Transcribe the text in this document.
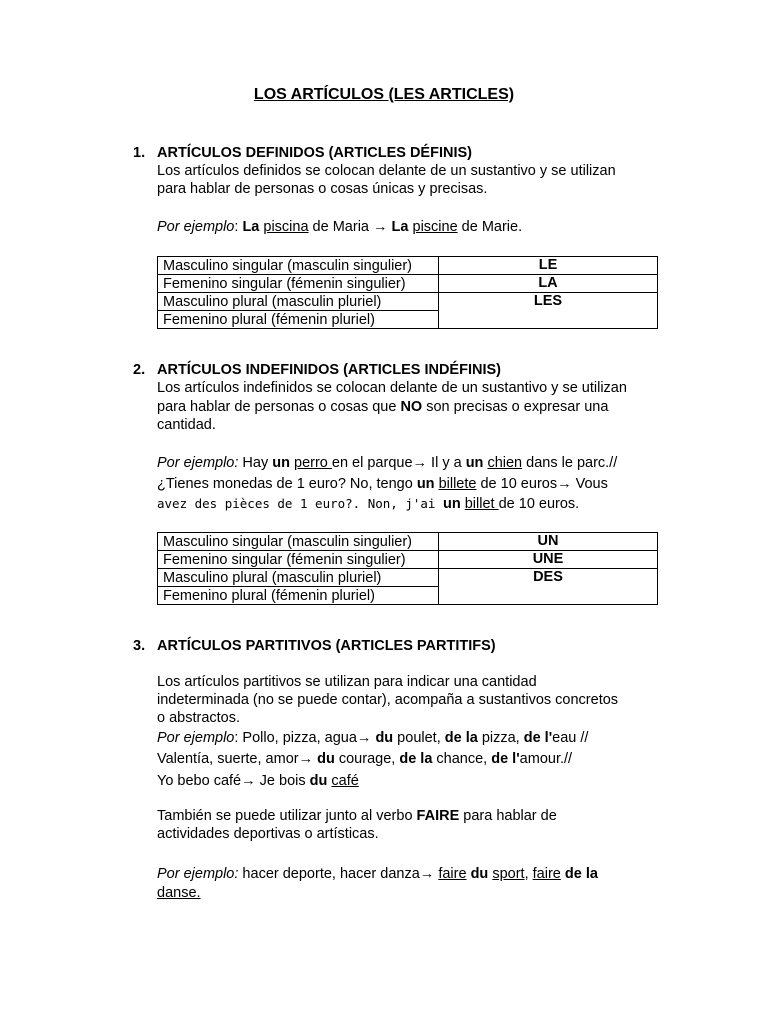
LOS ARTÍCULOS (LES ARTICLES)
1. ARTÍCULOS DEFINIDOS (ARTICLES DÉFINIS)
Los artículos definidos se colocan delante de un sustantivo y se utilizan
para hablar de personas o cosas únicas y precisas.
Por ejemplo: La piscina de Maria → La piscine de Marie.
Masculino singular (masculin singulier)	LE
Femenino singular (fémenin singulier)	LA
Masculino plural (masculin pluriel)	LES
Femenino plural (fémenin pluriel)	
2. ARTÍCULOS INDEFINIDOS (ARTICLES INDÉFINIS)
Los artículos indefinidos se colocan delante de un sustantivo y se utilizan
para hablar de personas o cosas que NO son precisas o expresar una
cantidad.
Por ejemplo: Hay un perro en el parque→ Il y a un chien dans le parc.//
¿Tienes monedas de 1 euro? No, tengo un billete de 10 euros→ Vous
avez des pièces de 1 euro?. Non, j'ai un billet de 10 euros.
Masculino singular (masculin singulier)	UN
Femenino singular (fémenin singulier)	UNE
Masculino plural (masculin pluriel)	DES
Femenino plural (fémenin pluriel)	
3. ARTÍCULOS PARTITIVOS (ARTICLES PARTITIFS)
Los artículos partitivos se utilizan para indicar una cantidad
indeterminada (no se puede contar), acompaña a sustantivos concretos
o abstractos.
Por ejemplo: Pollo, pizza, agua→ du poulet, de la pizza, de l'eau //
Valentía, suerte, amor→ du courage, de la chance, de l'amour.//
Yo bebo café→ Je bois du café
También se puede utilizar junto al verbo FAIRE para hablar de
actividades deportivas o artísticas.
Por ejemplo: hacer deporte, hacer danza→ faire du sport, faire de la
danse.
